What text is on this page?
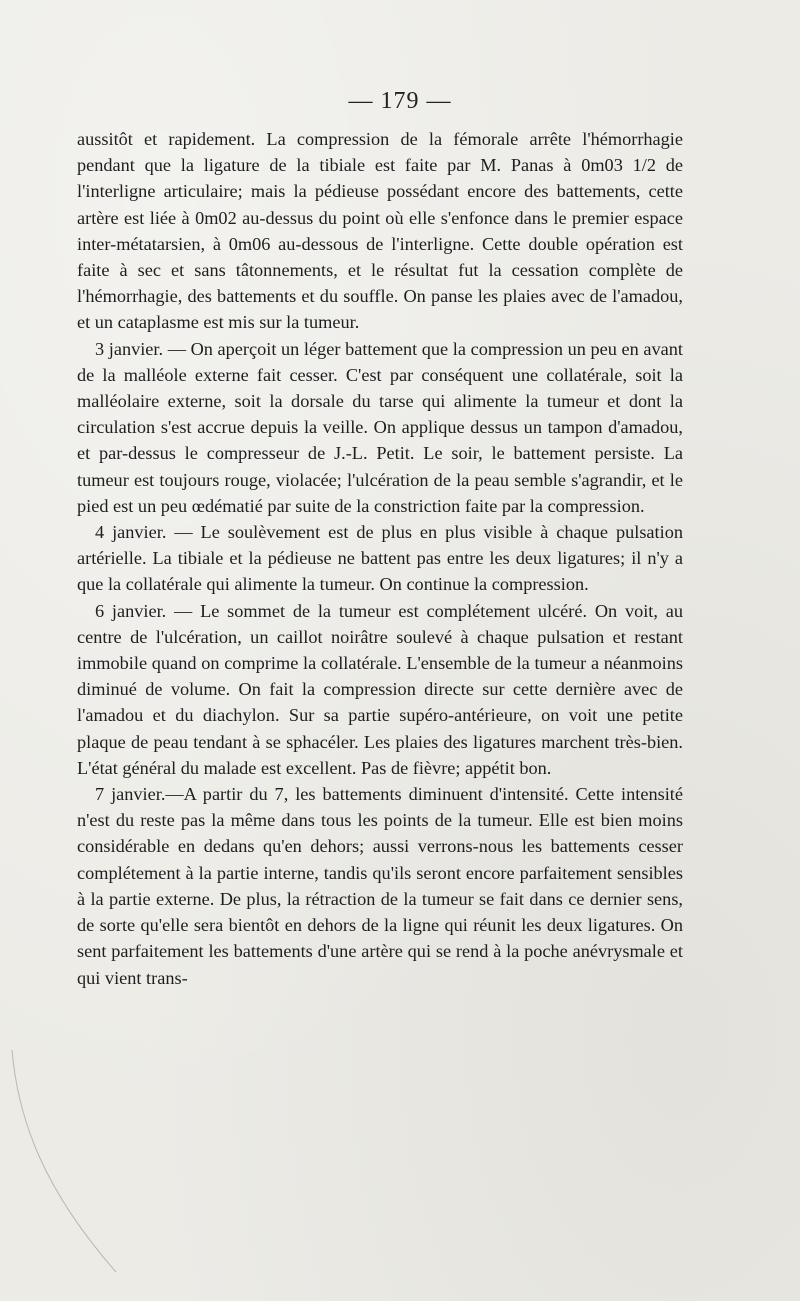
— 179 —

aussitôt et rapidement. La compression de la fémorale arrête l'hémorrhagie pendant que la ligature de la tibiale est faite par M. Panas à 0m03 1/2 de l'interligne articulaire; mais la pédieuse possédant encore des battements, cette artère est liée à 0m02 au-dessus du point où elle s'enfonce dans le premier espace inter-métatarsien, à 0m06 au-dessous de l'interligne. Cette double opération est faite à sec et sans tâtonnements, et le résultat fut la cessation complète de l'hémorrhagie, des battements et du souffle. On panse les plaies avec de l'amadou, et un cataplasme est mis sur la tumeur.

3 janvier. — On aperçoit un léger battement que la compression un peu en avant de la malléole externe fait cesser. C'est par conséquent une collatérale, soit la malléolaire externe, soit la dorsale du tarse qui alimente la tumeur et dont la circulation s'est accrue depuis la veille. On applique dessus un tampon d'amadou, et par-dessus le compresseur de J.-L. Petit. Le soir, le battement persiste. La tumeur est toujours rouge, violacée; l'ulcération de la peau semble s'agrandir, et le pied est un peu œdématié par suite de la constriction faite par la compression.

4 janvier. — Le soulèvement est de plus en plus visible à chaque pulsation artérielle. La tibiale et la pédieuse ne battent pas entre les deux ligatures; il n'y a que la collatérale qui alimente la tumeur. On continue la compression.

6 janvier. — Le sommet de la tumeur est complétement ulcéré. On voit, au centre de l'ulcération, un caillot noirâtre soulevé à chaque pulsation et restant immobile quand on comprime la collatérale. L'ensemble de la tumeur a néanmoins diminué de volume. On fait la compression directe sur cette dernière avec de l'amadou et du diachylon. Sur sa partie supéro-antérieure, on voit une petite plaque de peau tendant à se sphacéler. Les plaies des ligatures marchent très-bien. L'état général du malade est excellent. Pas de fièvre; appétit bon.

7 janvier.—A partir du 7, les battements diminuent d'intensité. Cette intensité n'est du reste pas la même dans tous les points de la tumeur. Elle est bien moins considérable en dedans qu'en dehors; aussi verrons-nous les battements cesser complétement à la partie interne, tandis qu'ils seront encore parfaitement sensibles à la partie externe. De plus, la rétraction de la tumeur se fait dans ce dernier sens, de sorte qu'elle sera bientôt en dehors de la ligne qui réunit les deux ligatures. On sent parfaitement les battements d'une artère qui se rend à la poche anévrysmale et qui vient trans-
